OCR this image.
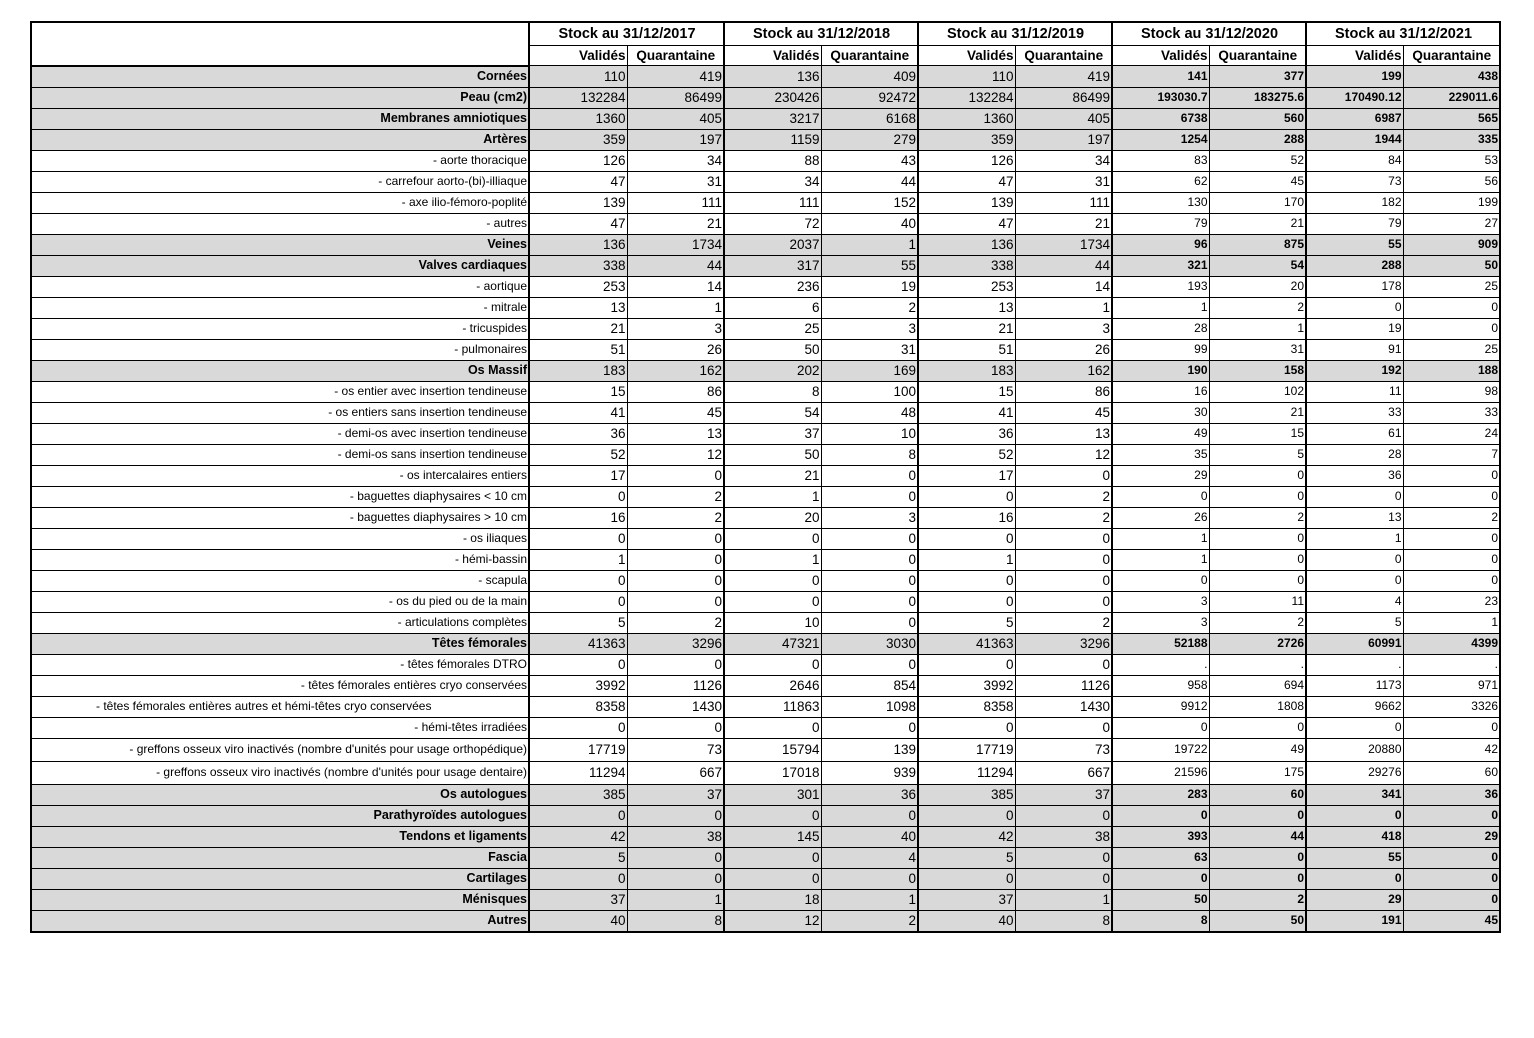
	Stock au 31/12/2017		Stock au 31/12/2018		Stock au 31/12/2019		Stock au 31/12/2020		Stock au 31/12/2021	
	Validés	Quarantaine	Validés	Quarantaine	Validés	Quarantaine	Validés	Quarantaine	Validés	Quarantaine
Cornées	110	419	136	409	110	419	141	377	199	438
Peau (cm2)	132284	86499	230426	92472	132284	86499	193030.7	183275.6	170490.12	229011.6
Membranes amniotiques	1360	405	3217	6168	1360	405	6738	560	6987	565
Artères	359	197	1159	279	359	197	1254	288	1944	335
- aorte thoracique	126	34	88	43	126	34	83	52	84	53
- carrefour aorto-(bi)-illiaque	47	31	34	44	47	31	62	45	73	56
- axe ilio-fémoro-poplité	139	111	111	152	139	111	130	170	182	199
- autres	47	21	72	40	47	21	79	21	79	27
Veines	136	1734	2037	1	136	1734	96	875	55	909
Valves cardiaques	338	44	317	55	338	44	321	54	288	50
- aortique	253	14	236	19	253	14	193	20	178	25
- mitrale	13	1	6	2	13	1	1	2	0	0
- tricuspides	21	3	25	3	21	3	28	1	19	0
- pulmonaires	51	26	50	31	51	26	99	31	91	25
Os Massif	183	162	202	169	183	162	190	158	192	188
- os entier avec insertion tendineuse	15	86	8	100	15	86	16	102	11	98
- os entiers sans insertion tendineuse	41	45	54	48	41	45	30	21	33	33
- demi-os avec insertion tendineuse	36	13	37	10	36	13	49	15	61	24
- demi-os sans insertion tendineuse	52	12	50	8	52	12	35	5	28	7
- os intercalaires entiers	17	0	21	0	17	0	29	0	36	0
- baguettes diaphysaires < 10 cm	0	2	1	0	0	2	0	0	0	0
- baguettes diaphysaires > 10 cm	16	2	20	3	16	2	26	2	13	2
- os iliaques	0	0	0	0	0	0	1	0	1	0
- hémi-bassin	1	0	1	0	1	0	1	0	0	0
- scapula	0	0	0	0	0	0	0	0	0	0
- os du pied ou de la main	0	0	0	0	0	0	3	11	4	23
- articulations complètes	5	2	10	0	5	2	3	2	5	1
Têtes fémorales	41363	3296	47321	3030	41363	3296	52188	2726	60991	4399
- têtes fémorales DTRO	0	0	0	0	0	0	.	.	.	.
- têtes fémorales entières cryo conservées	3992	1126	2646	854	3992	1126	958	694	1173	971
- têtes fémorales entières autres et hémi-têtes cryo conservées	8358	1430	11863	1098	8358	1430	9912	1808	9662	3326
- hémi-têtes irradiées	0	0	0	0	0	0	0	0	0	0
- greffons osseux viro inactivés (nombre d'unités pour usage orthopédique)	17719	73	15794	139	17719	73	19722	49	20880	42
- greffons osseux viro inactivés (nombre d'unités pour usage dentaire)	11294	667	17018	939	11294	667	21596	175	29276	60
Os autologues	385	37	301	36	385	37	283	60	341	36
Parathyroïdes autologues	0	0	0	0	0	0	0	0	0	0
Tendons et ligaments	42	38	145	40	42	38	393	44	418	29
Fascia	5	0	0	4	5	0	63	0	55	0
Cartilages	0	0	0	0	0	0	0	0	0	0
Ménisques	37	1	18	1	37	1	50	2	29	0
Autres	40	8	12	2	40	8	8	50	191	45
